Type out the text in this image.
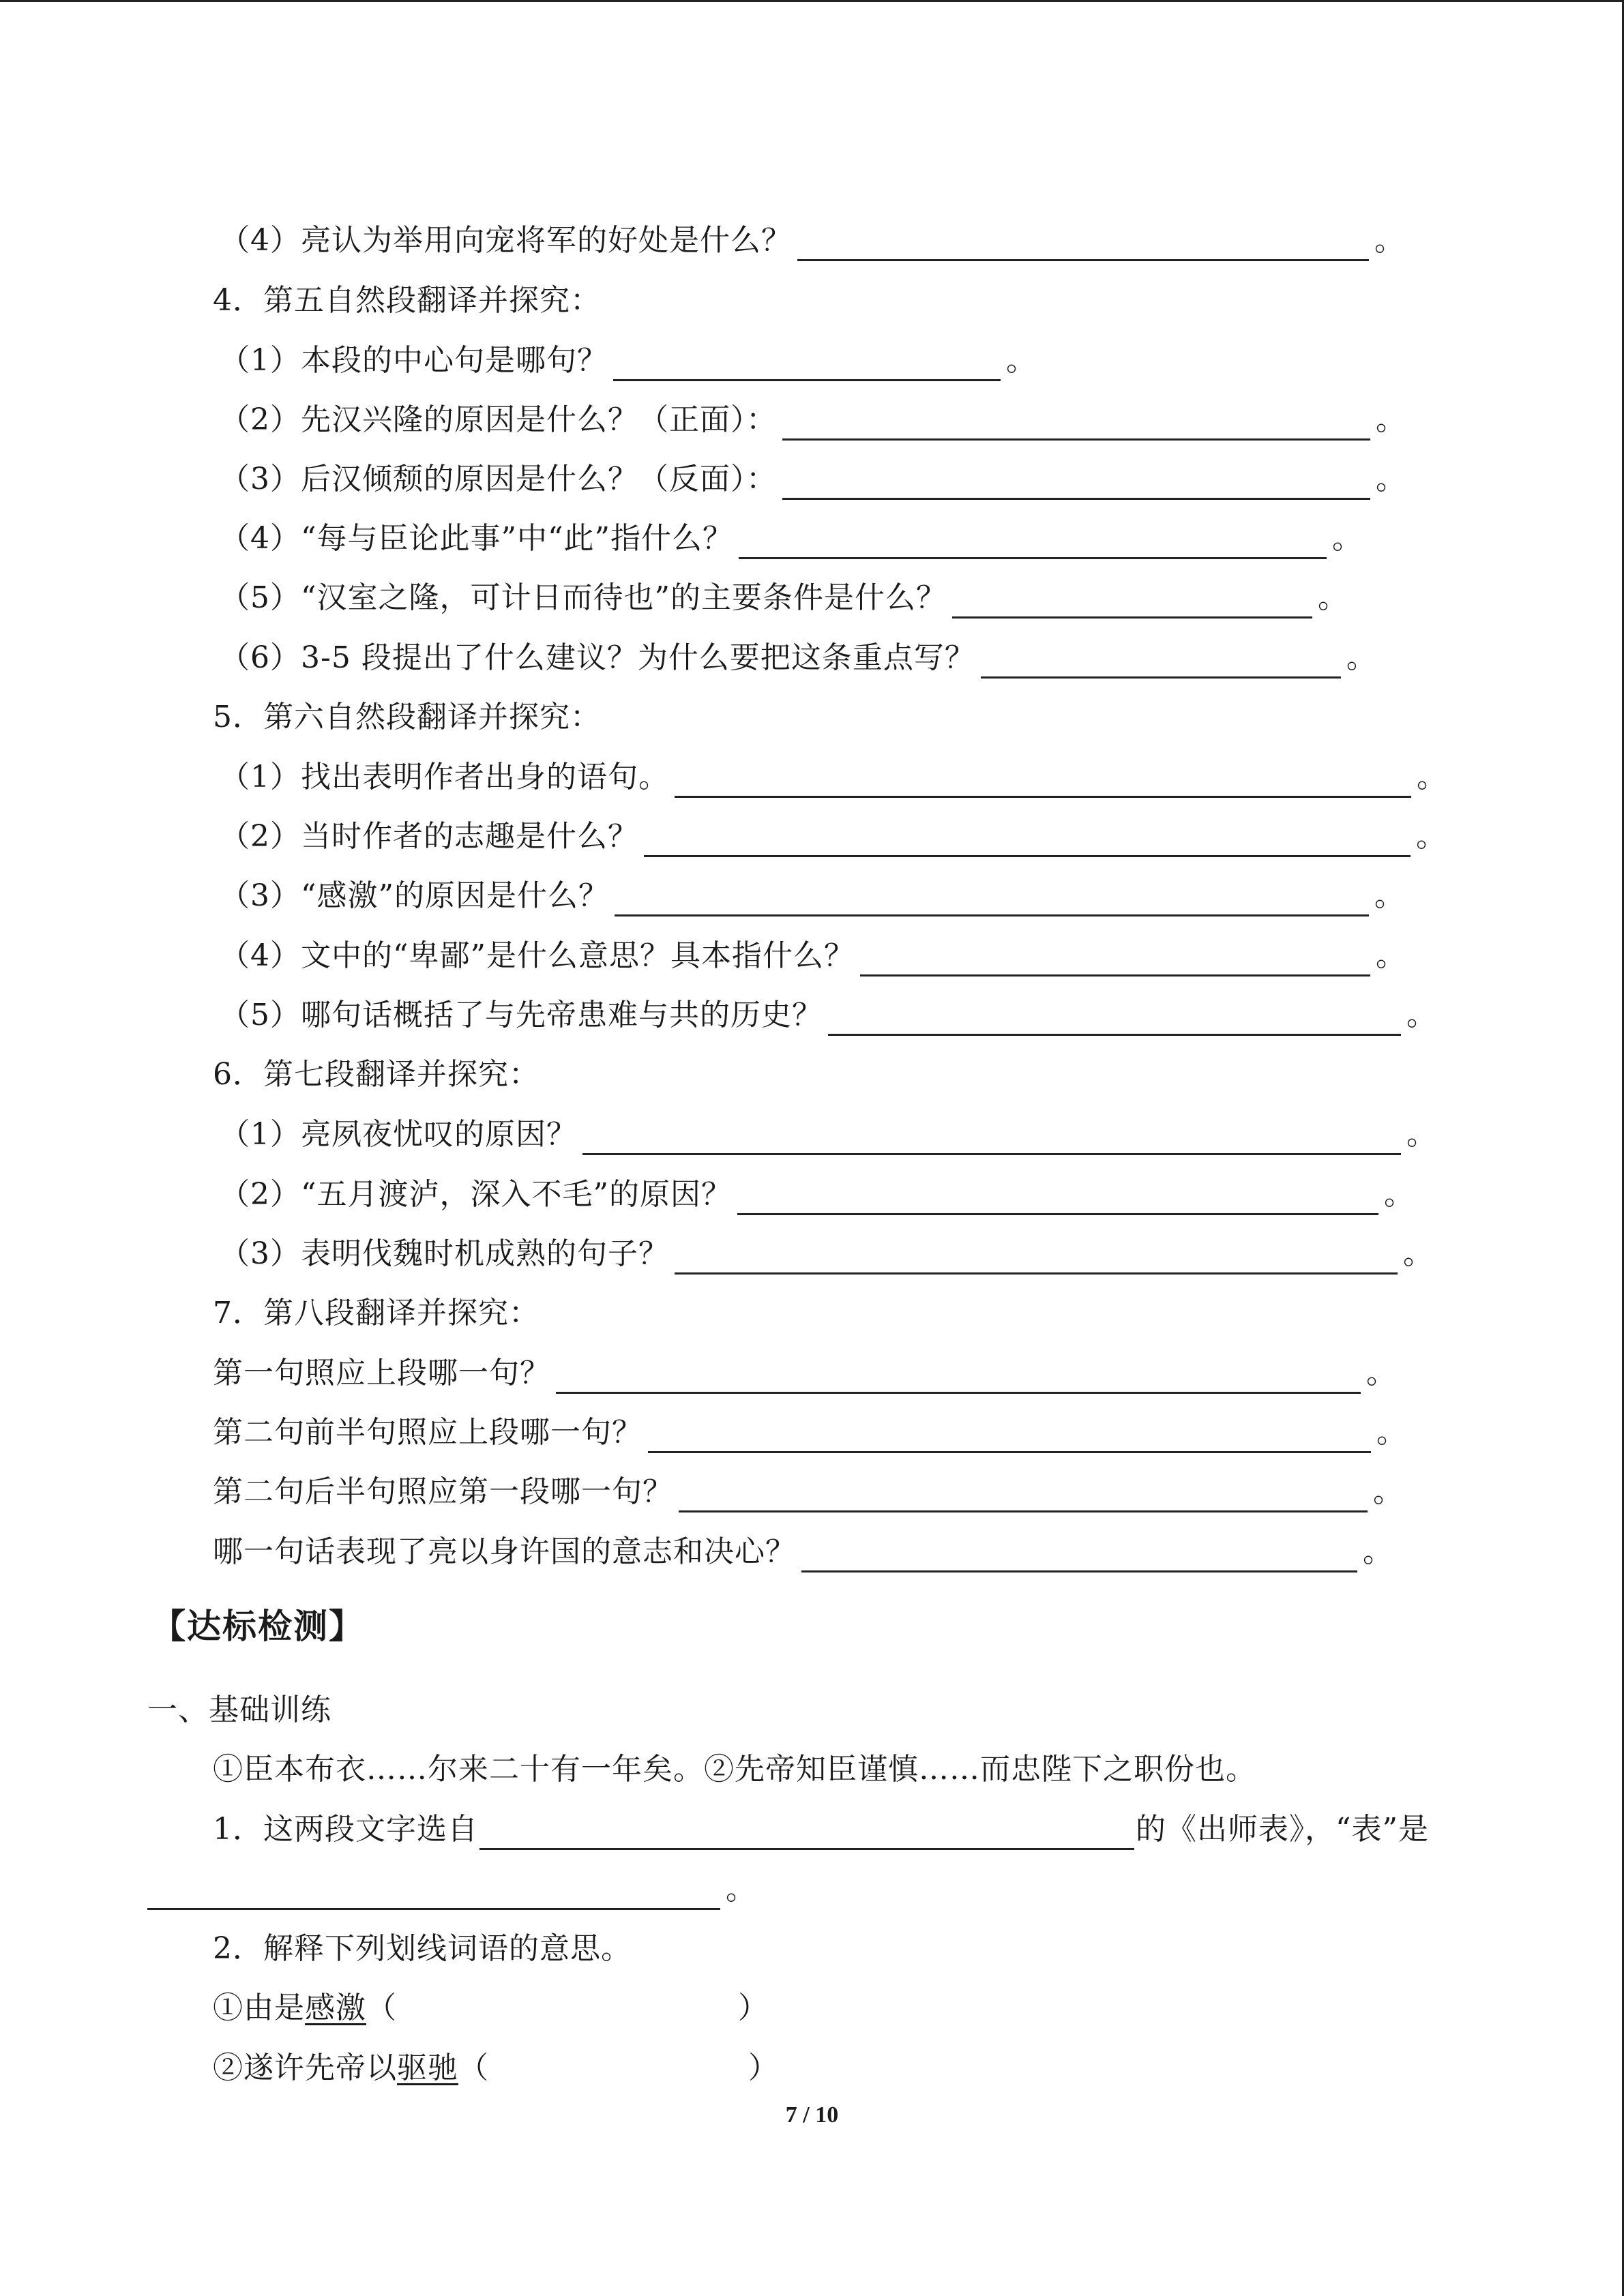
（4）亮认为举用向宠将军的好处是什么？	。
4．第五自然段翻译并探究：
（1）本段的中心句是哪句？	。
（2）先汉兴隆的原因是什么？（正面）：	。
（3）后汉倾颓的原因是什么？（反面）：	。
（4）“每与臣论此事”中“此”指什么？	。
（5）“汉室之隆，可计日而待也”的主要条件是什么？	。
（6）3-5 段提出了什么建议？为什么要把这条重点写？	。
5．第六自然段翻译并探究：
（1）找出表明作者出身的语句。	。
（2）当时作者的志趣是什么？	。
（3）“感激”的原因是什么？	。
（4）文中的“卑鄙”是什么意思？具本指什么？	。
（5）哪句话概括了与先帝患难与共的历史？	。
6．第七段翻译并探究：
（1）亮夙夜忧叹的原因？	。
（2）“五月渡泸，深入不毛”的原因？	。
（3）表明伐魏时机成熟的句子？	。
7．第八段翻译并探究：
第一句照应上段哪一句？	。
第二句前半句照应上段哪一句？	。
第二句后半句照应第一段哪一句？	。
哪一句话表现了亮以身许国的意志和决心？	。
【达标检测】
一、基础训练
①臣本布衣……尔来二十有一年矣。②先帝知臣谨慎……而忠陛下之职份也。
1．这两段文字选自	的《出师表》，“表”是
。
2．解释下列划线词语的意思。
①由是 感激 （	）
②遂许先帝以 驱驰 （	）
7 / 10
